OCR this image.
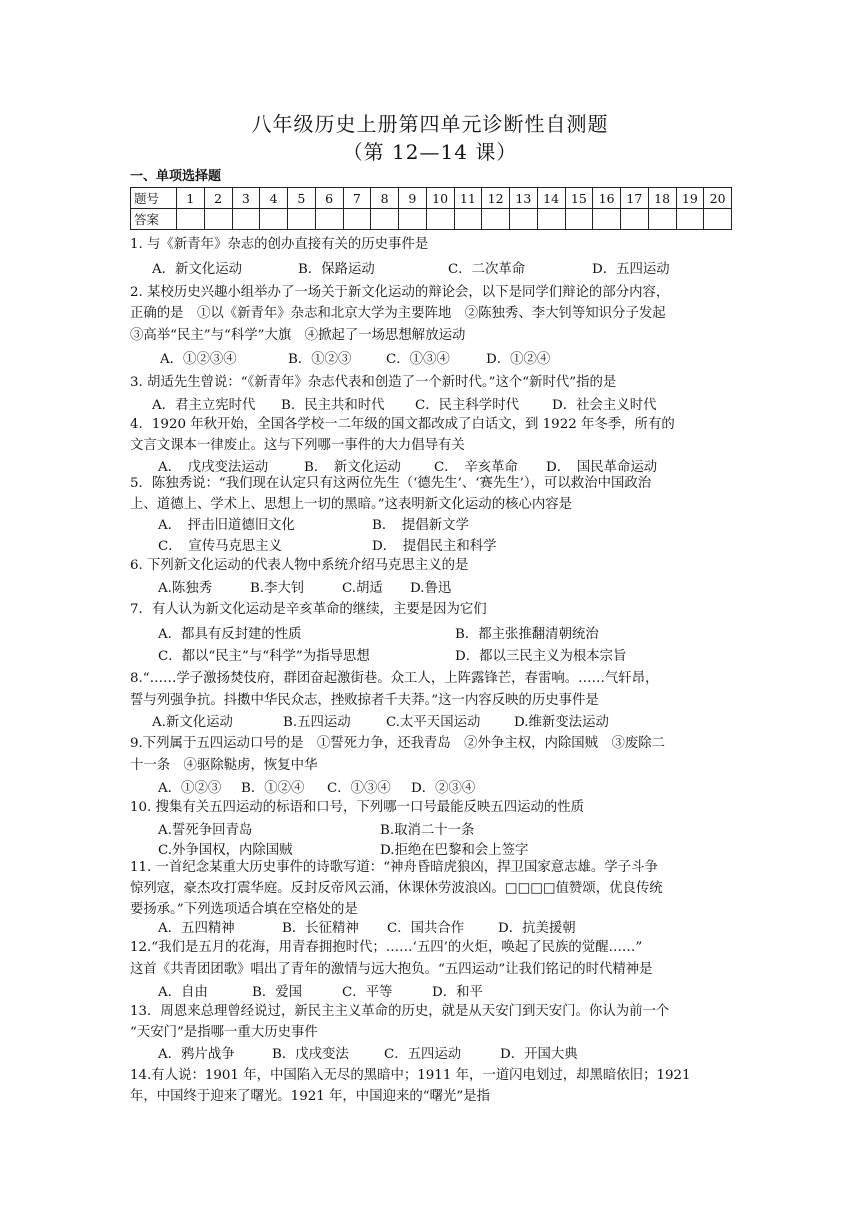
八年级历史上册第四单元诊断性自测题
（第 12—14 课）
一、单项选择题
题号	1	2	3	4	5	6	7	8	9	10	11	12	13	14	15	16	17	18	19	20
答案																				
1. 与《新青年》杂志的创办直接有关的历史事件是
A．新文化运动	B．保路运动	C．二次革命	D．五四运动
2. 某校历史兴趣小组举办了一场关于新文化运动的辩论会，以下是同学们辩论的部分内容，
正确的是　①以《新青年》杂志和北京大学为主要阵地　②陈独秀、李大钊等知识分子发起
③高举“民主”与“科学”大旗　④掀起了一场思想解放运动
A．①②③④	B．①②③	C．①③④	D．①②④
3. 胡适先生曾说：“《新青年》杂志代表和创造了一个新时代。”这个“新时代”指的是
A．君主立宪时代 B．民主共和时代 C．民主科学时代 D．社会主义时代
4．1920 年秋开始，全国各学校一二年级的国文都改成了白话文，到 1922 年冬季，所有的
文言文课本一律废止。这与下列哪一事件的大力倡导有关
A．　戊戌变法运动	B．　新文化运动 C．　辛亥革命 D．　国民革命运动
5．陈独秀说：“我们现在认定只有这两位先生（‘德先生’、‘赛先生’），可以救治中国政治
上、道德上、学术上、思想上一切的黑暗。”这表明新文化运动的核心内容是
A．　抨击旧道德旧文化	B．　提倡新文学
C．　宣传马克思主义	D．　提倡民主和科学
6. 下列新文化运动的代表人物中系统介绍马克思主义的是
A.陈独秀	B.李大钊	C.胡适 D.鲁迅
7．有人认为新文化运动是辛亥革命的继续，主要是因为它们
A．都具有反封建的性质	B．都主张推翻清朝统治
C．都以“民主”与“科学”为指导思想	D．都以三民主义为根本宗旨
8.“……学子激扬焚伎府，群团奋起激街巷。众工人，上阵露锋芒，春雷响。……气轩昂，
誓与列强争抗。抖擞中华民众志，挫败掠者千夫莽。”这一内容反映的历史事件是
A.新文化运动	B.五四运动	C.太平天国运动	D.维新变法运动
9.下列属于五四运动口号的是　①誓死力争，还我青岛　②外争主权，内除国贼　③废除二
十一条　④驱除鞑虏，恢复中华
A．①②③ B．①②④ C．①③④ D．②③④
10. 搜集有关五四运动的标语和口号，下列哪一口号最能反映五四运动的性质
A.誓死争回青岛	B.取消二十一条
C.外争国权，内除国贼	D.拒绝在巴黎和会上签字
11. 一首纪念某重大历史事件的诗歌写道：“神舟昏暗虎狼凶，捍卫国家意志雄。学子斗争
惊列寇，豪杰攻打震华庭。反封反帝风云涌，休课休劳波浪凶。□□□□值赞颂，优良传统
要扬承。”下列选项适合填在空格处的是
A．五四精神	B．长征精神 C．国共合作	D．抗美援朝
12.“我们是五月的花海，用青春拥抱时代；……‘五四’的火炬，唤起了民族的觉醒……”
这首《共青团团歌》唱出了青年的激情与远大抱负。“五四运动”让我们铭记的时代精神是
A．自由	B．爱国	C．平等	D．和平
13．周恩来总理曾经说过，新民主主义革命的历史，就是从天安门到天安门。你认为前一个
“天安门”是指哪一重大历史事件
A．鸦片战争	B．戊戌变法	C．五四运动	D．开国大典
14.有人说：1901 年，中国陷入无尽的黑暗中；1911 年，一道闪电划过，却黑暗依旧；1921
年，中国终于迎来了曙光。1921 年，中国迎来的“曙光”是指
